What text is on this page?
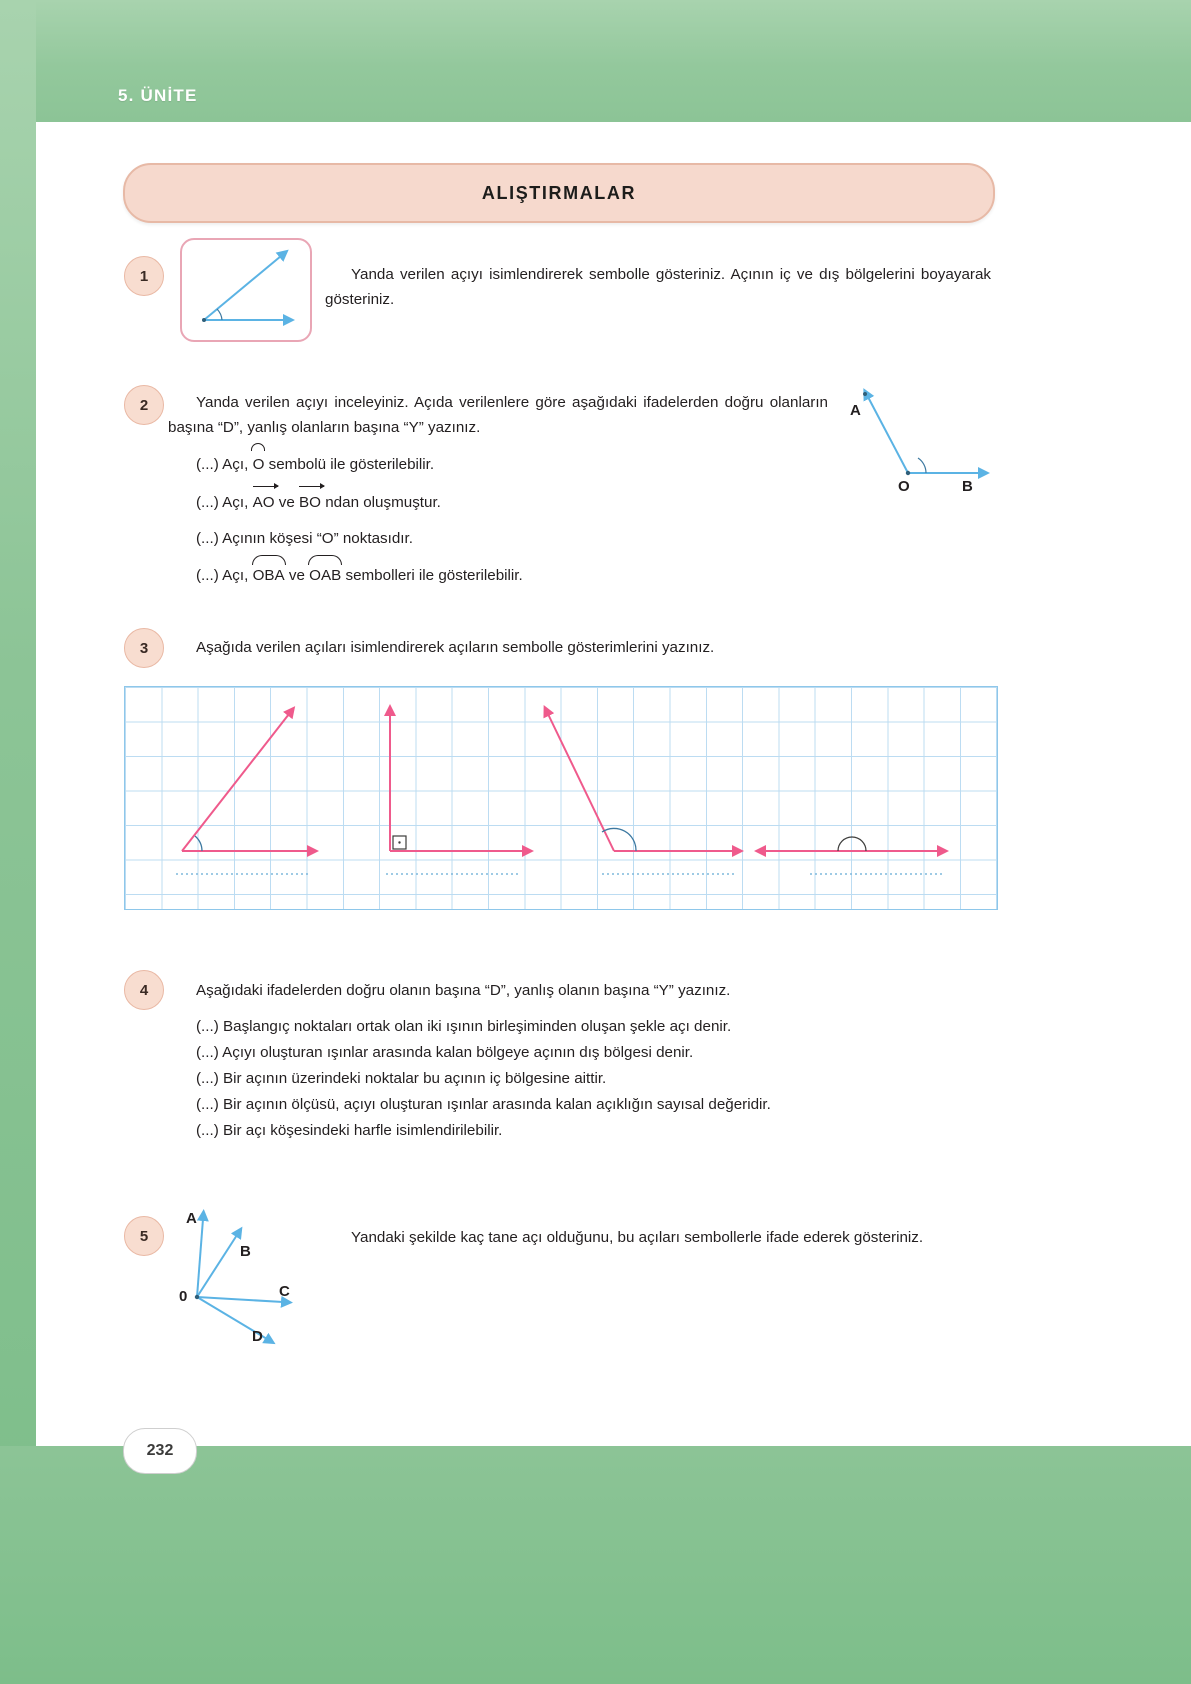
5. ÜNİTE
ALIŞTIRMALAR
1	Yanda verilen açıyı isimlendirerek sembolle gösteriniz. Açının iç ve dış bölgelerini boyayarak gösteriniz.
2	Yanda verilen açıyı inceleyiniz. Açıda verilenlere göre aşağıdaki ifadelerden doğru olanların başına “D”, yanlış olanların başına “Y” yazınız.
A
O	B
(...) Açı, O sembolü ile gösterilebilir.
(...) Açı, AO ve BO ndan oluşmuştur.
(...) Açının köşesi “O” noktasıdır.
(...) Açı, OBA ve OAB sembolleri ile gösterilebilir.
3	Aşağıda verilen açıları isimlendirerek açıların sembolle gösterimlerini yazınız.
4	Aşağıdaki ifadelerden doğru olanın başına “D”, yanlış olanın başına “Y” yazınız.
(...) Başlangıç noktaları ortak olan iki ışının birleşiminden oluşan şekle açı denir.
(...) Açıyı oluşturan ışınlar arasında kalan bölgeye açının dış bölgesi denir.
(...) Bir açının üzerindeki noktalar bu açının iç bölgesine aittir.
(...) Bir açının ölçüsü, açıyı oluşturan ışınlar arasında kalan açıklığın sayısal değeridir.
(...) Bir açı köşesindeki harfle isimlendirilebilir.
5
A
B
C
D
0
Yandaki şekilde kaç tane açı olduğunu, bu açıları sembollerle ifade ederek gösteriniz.
232
